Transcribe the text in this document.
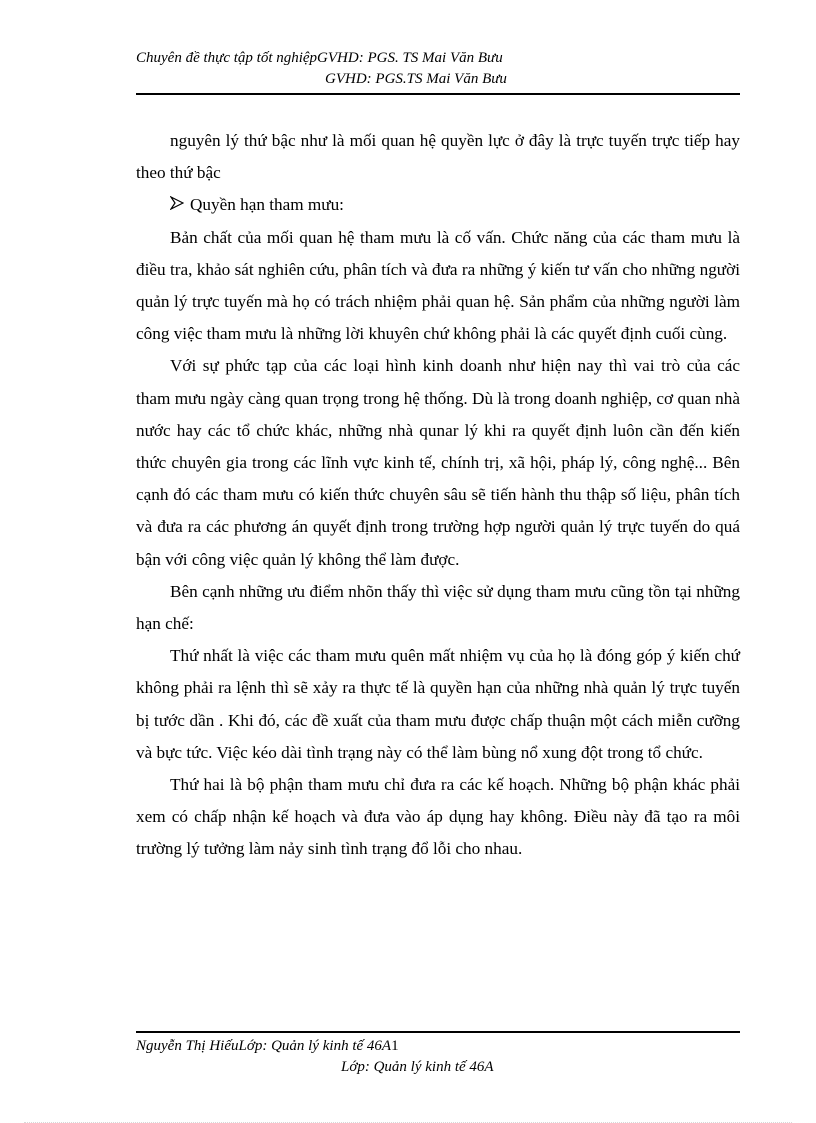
Chuyên đề thực tập tốt nghiệpGVHD: PGS. TS Mai Văn Bưu
GVHD: PGS.TS Mai Văn Bưu

nguyên lý thứ bậc như là mối quan hệ quyền lực ở đây là trực tuyến trực tiếp hay theo thứ bậc

Quyền hạn tham mưu:

Bản chất của mối quan hệ tham mưu là cố vấn. Chức năng của các tham mưu là điều tra, khảo sát nghiên cứu, phân tích và đưa ra những ý kiến tư vấn cho những người quản lý trực tuyến mà họ có trách nhiệm phải quan hệ. Sản phẩm của những người làm công việc tham mưu là những lời khuyên chứ không phải là các quyết định cuối cùng.

Với sự phức tạp của các loại hình kinh doanh như hiện nay thì vai trò của các tham mưu ngày càng quan trọng trong hệ thống. Dù là trong doanh nghiệp, cơ quan nhà nước hay các tổ chức khác, những nhà qunar lý khi ra quyết định luôn cần đến kiến thức chuyên gia trong các lĩnh vực kinh tế, chính trị, xã hội, pháp lý, công nghệ... Bên cạnh đó các tham mưu có kiến thức chuyên sâu sẽ tiến hành thu thập số liệu, phân tích và đưa ra các phương án quyết định trong trường hợp người quản lý trực tuyến do quá bận với công việc quản lý không thể làm được.

Bên cạnh những ưu điểm nhõn thấy thì việc sử dụng tham mưu cũng tồn tại những hạn chế:

Thứ nhất là việc các tham mưu quên mất nhiệm vụ của họ là đóng góp ý kiến chứ không phải ra lệnh thì sẽ xảy ra thực tế là quyền hạn của những nhà quản lý trực tuyến bị tước dần . Khi đó, các đề xuất của tham mưu được chấp thuận một cách miễn cưỡng và bực tức. Việc kéo dài tình trạng này có thể làm bùng nổ xung đột trong tổ chức.

Thứ hai là bộ phận tham mưu chỉ đưa ra các kế hoạch. Những bộ phận khác phải xem có chấp nhận kế hoạch và đưa vào áp dụng hay không. Điều này đã tạo ra môi trường lý tưởng làm nảy sinh tình trạng đổ lỗi cho nhau.

Nguyễn Thị HiếuLớp: Quản lý kinh tế 46A1
Lớp: Quản lý kinh tế 46A
